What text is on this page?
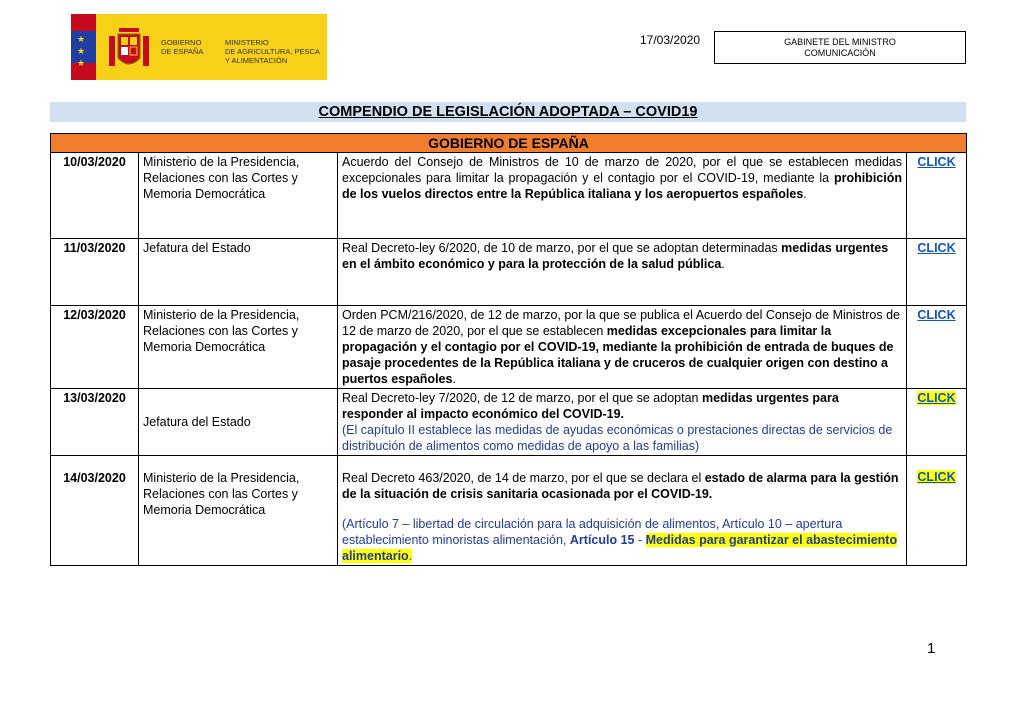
★
★
★
GOBIERNO
DE ESPAÑA
MINISTERIO
DE AGRICULTURA, PESCA
Y ALIMENTACIÓN
17/03/2020	GABINETE DEL MINISTRO
COMUNICACIÓN
COMPENDIO DE LEGISLACIÓN ADOPTADA – COVID19
GOBIERNO DE ESPAÑA			
10/03/2020	Ministerio de la Presidencia, Relaciones con las Cortes y Memoria Democrática	Acuerdo del Consejo de Ministros de 10 de marzo de 2020, por el que se establecen medidas excepcionales para limitar la propagación y el contagio por el COVID-19, mediante la prohibición de los vuelos directos entre la República italiana y los aeropuertos españoles.	CLICK
11/03/2020	Jefatura del Estado	Real Decreto-ley 6/2020, de 10 de marzo, por el que se adoptan determinadas medidas urgentes en el ámbito económico y para la protección de la salud pública.	CLICK
12/03/2020	Ministerio de la Presidencia, Relaciones con las Cortes y Memoria Democrática	Orden PCM/216/2020, de 12 de marzo, por la que se publica el Acuerdo del Consejo de Ministros de 12 de marzo de 2020, por el que se establecen medidas excepcionales para limitar la propagación y el contagio por el COVID-19, mediante la prohibición de entrada de buques de pasaje procedentes de la República italiana y de cruceros de cualquier origen con destino a puertos españoles.	CLICK
13/03/2020	Jefatura del Estado	Real Decreto-ley 7/2020, de 12 de marzo, por el que se adoptan medidas urgentes para responder al impacto económico del COVID-19.
(El capítulo II establece las medidas de ayudas económicas o prestaciones directas de servicios de distribución de alimentos como medidas de apoyo a las familias)	CLICK
14/03/2020	Ministerio de la Presidencia, Relaciones con las Cortes y Memoria Democrática	Real Decreto 463/2020, de 14 de marzo, por el que se declara el estado de alarma para la gestión de la situación de crisis sanitaria ocasionada por el COVID-19.
(Artículo 7 – libertad de circulación para la adquisición de alimentos, Artículo 10 – apertura establecimiento minoristas alimentación, Artículo 15 - Medidas para garantizar el abastecimiento alimentario.	CLICK
1
